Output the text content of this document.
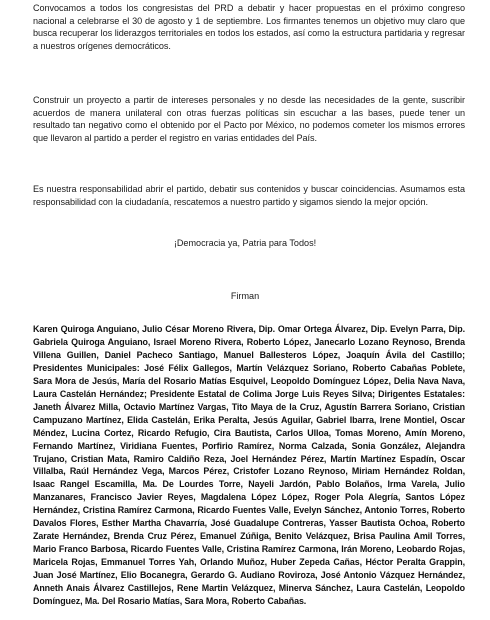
Convocamos a todos los congresistas del PRD a debatir y hacer propuestas en el próximo congreso nacional a celebrarse el 30 de agosto y 1 de septiembre. Los firmantes tenemos un objetivo muy claro que busca recuperar los liderazgos territoriales en todos los estados, así como la estructura partidaria y regresar a nuestros orígenes democráticos.

Construir un proyecto a partir de intereses personales y no desde las necesidades de la gente, suscribir acuerdos de manera unilateral con otras fuerzas políticas sin escuchar a las bases, puede tener un resultado tan negativo como el obtenido por el Pacto por México, no podemos cometer los mismos errores que llevaron al partido a perder el registro en varias entidades del País.

Es nuestra responsabilidad abrir el partido, debatir sus contenidos y buscar coincidencias. Asumamos esta responsabilidad con la ciudadanía, rescatemos a nuestro partido y sigamos siendo la mejor opción.

¡Democracia ya, Patria para Todos!

Firman

Karen Quiroga Anguiano, Julio César Moreno Rivera, Dip. Omar Ortega Álvarez, Dip. Evelyn Parra, Dip. Gabriela Quiroga Anguiano, Israel Moreno Rivera, Roberto López, Janecarlo Lozano Reynoso, Brenda Villena Guillen, Daniel Pacheco Santiago, Manuel Ballesteros López, Joaquín Ávila del Castillo; Presidentes Municipales: José Félix Gallegos, Martín Velázquez Soriano, Roberto Cabañas Poblete, Sara Mora de Jesús, María del Rosario Matías Esquivel, Leopoldo Domínguez López, Delia Nava Nava, Laura Castelán Hernández; Presidente Estatal de Colima Jorge Luis Reyes Silva; Dirigentes Estatales: Janeth Álvarez Milla, Octavio Martínez Vargas, Tito Maya de la Cruz, Agustín Barrera Soriano, Cristian Campuzano Martínez, Elida Castelán, Erika Peralta, Jesús Aguilar, Gabriel Ibarra, Irene Montiel, Oscar Méndez, Lucina Cortez, Ricardo Refugio, Cira Bautista, Carlos Ulloa, Tomas Moreno, Amín Moreno, Fernando Martínez, Viridiana Fuentes, Porfirio Ramírez, Norma Calzada, Sonia González, Alejandra Trujano, Cristian Mata, Ramiro Caldiño Reza, Joel Hernández Pérez, Martín Martínez Espadín, Oscar Villalba, Raúl Hernández Vega, Marcos Pérez, Cristofer Lozano Reynoso, Miriam Hernández Roldan, Isaac Rangel Escamilla, Ma. De Lourdes Torre, Nayeli Jardón, Pablo Bolaños, Irma Varela, Julio Manzanares, Francisco Javier Reyes, Magdalena López López, Roger Pola Alegría, Santos López Hernández, Cristina Ramírez Carmona, Ricardo Fuentes Valle, Evelyn Sánchez, Antonio Torres, Roberto Davalos Flores, Esther Martha Chavarría, José Guadalupe Contreras, Yasser Bautista Ochoa, Roberto Zarate Hernández, Brenda Cruz Pérez, Emanuel Zúñiga, Benito Velázquez, Brisa Paulina Amil Torres, Mario Franco Barbosa, Ricardo Fuentes Valle, Cristina Ramírez Carmona, Irán Moreno, Leobardo Rojas, Maricela Rojas, Emmanuel Torres Yah, Orlando Muñoz, Huber Zepeda Cañas, Héctor Peralta Grappin, Juan José Martínez, Elio Bocanegra, Gerardo G. Audiano Roviroza, José Antonio Vázquez Hernández, Anneth Anais Álvarez Castillejos, Rene Martin Velázquez, Minerva Sánchez, Laura Castelán, Leopoldo Domínguez, Ma. Del Rosario Matías, Sara Mora, Roberto Cabañas.
